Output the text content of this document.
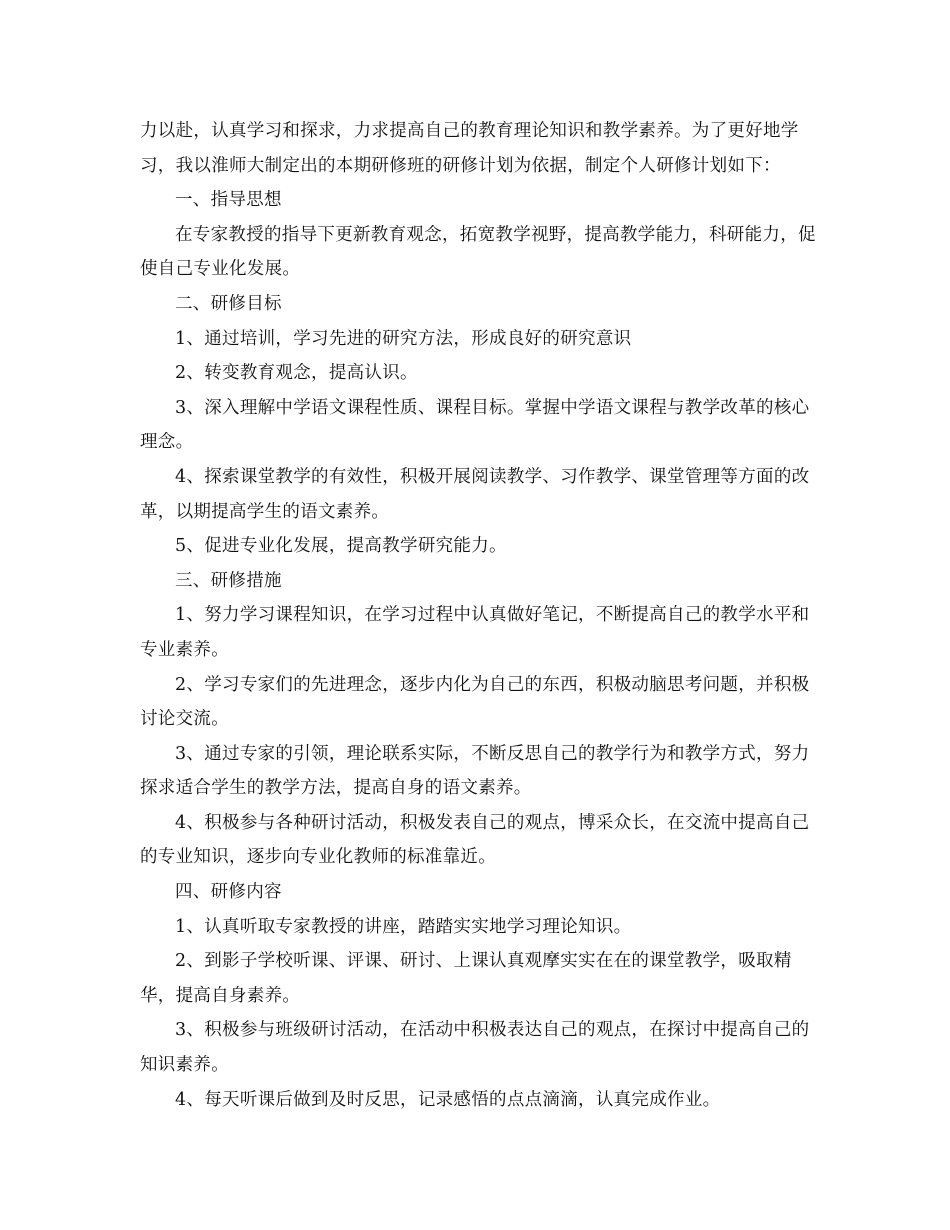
力以赴，认真学习和探求，力求提高自己的教育理论知识和教学素养。为了更好地学习，我以淮师大制定出的本期研修班的研修计划为依据，制定个人研修计划如下：

一、指导思想

在专家教授的指导下更新教育观念，拓宽教学视野，提高教学能力，科研能力，促使自己专业化发展。

二、研修目标

1、通过培训，学习先进的研究方法，形成良好的研究意识

2、转变教育观念，提高认识。

3、深入理解中学语文课程性质、课程目标。掌握中学语文课程与教学改革的核心理念。

4、探索课堂教学的有效性，积极开展阅读教学、习作教学、课堂管理等方面的改革，以期提高学生的语文素养。

5、促进专业化发展，提高教学研究能力。

三、研修措施

1、努力学习课程知识，在学习过程中认真做好笔记，不断提高自己的教学水平和专业素养。

2、学习专家们的先进理念，逐步内化为自己的东西，积极动脑思考问题，并积极讨论交流。

3、通过专家的引领，理论联系实际，不断反思自己的教学行为和教学方式，努力探求适合学生的教学方法，提高自身的语文素养。

4、积极参与各种研讨活动，积极发表自己的观点，博采众长，在交流中提高自己的专业知识，逐步向专业化教师的标准靠近。

四、研修内容

1、认真听取专家教授的讲座，踏踏实实地学习理论知识。

2、到影子学校听课、评课、研讨、上课认真观摩实实在在的课堂教学，吸取精华，提高自身素养。

3、积极参与班级研讨活动，在活动中积极表达自己的观点，在探讨中提高自己的知识素养。

4、每天听课后做到及时反思，记录感悟的点点滴滴，认真完成作业。
